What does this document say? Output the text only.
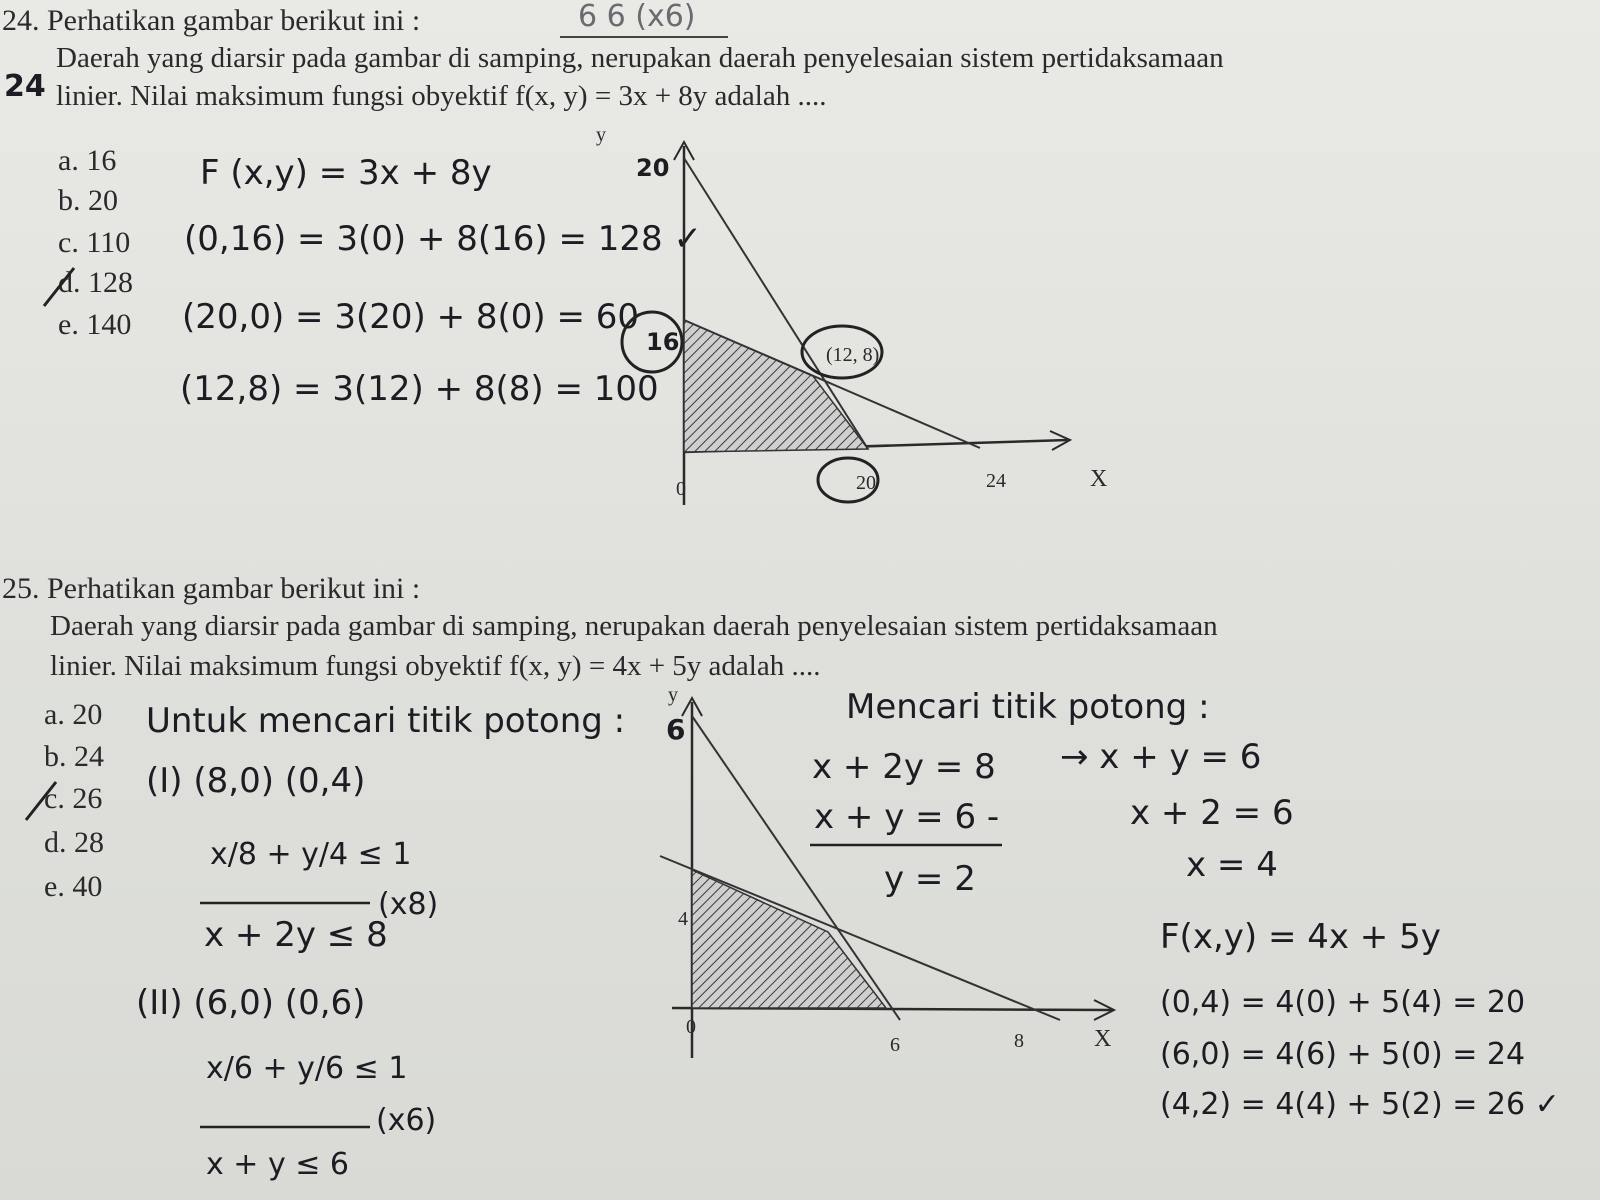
24. Perhatikan gambar berikut ini :	6 6 (x6)
24
Daerah yang diarsir pada gambar di samping, nerupakan daerah penyelesaian sistem pertidaksamaan
linier. Nilai maksimum fungsi obyektif f(x, y) = 3x + 8y adalah ....
a. 16
b. 20
c. 110
d. 128
e. 140
F (x,y) = 3x + 8y
(0,16) = 3(0) + 8(16) = 128 ✓
(20,0) = 3(20) + 8(0) = 60
(12,8) = 3(12) + 8(8) = 100
y
20
16	(12, 8)
0	20	24	X
25. Perhatikan gambar berikut ini :
Daerah yang diarsir pada gambar di samping, nerupakan daerah penyelesaian sistem pertidaksamaan
linier. Nilai maksimum fungsi obyektif f(x, y) = 4x + 5y adalah ....
a. 20
b. 24
c. 26
d. 28
e. 40
Untuk mencari titik potong :
(I) (8,0) (0,4)
x/8 + y/4 ≤ 1
(x8)
x + 2y ≤ 8
(II) (6,0) (0,6)
x/6 + y/6 ≤ 1
(x6)
x + y ≤ 6
y
6
4
0
6	8	X
Mencari titik potong :
x + 2y = 8
x + y = 6 -
y = 2
→ x + y = 6
x + 2 = 6
x = 4
F(x,y) = 4x + 5y
(0,4) = 4(0) + 5(4) = 20
(6,0) = 4(6) + 5(0) = 24
(4,2) = 4(4) + 5(2) = 26 ✓
